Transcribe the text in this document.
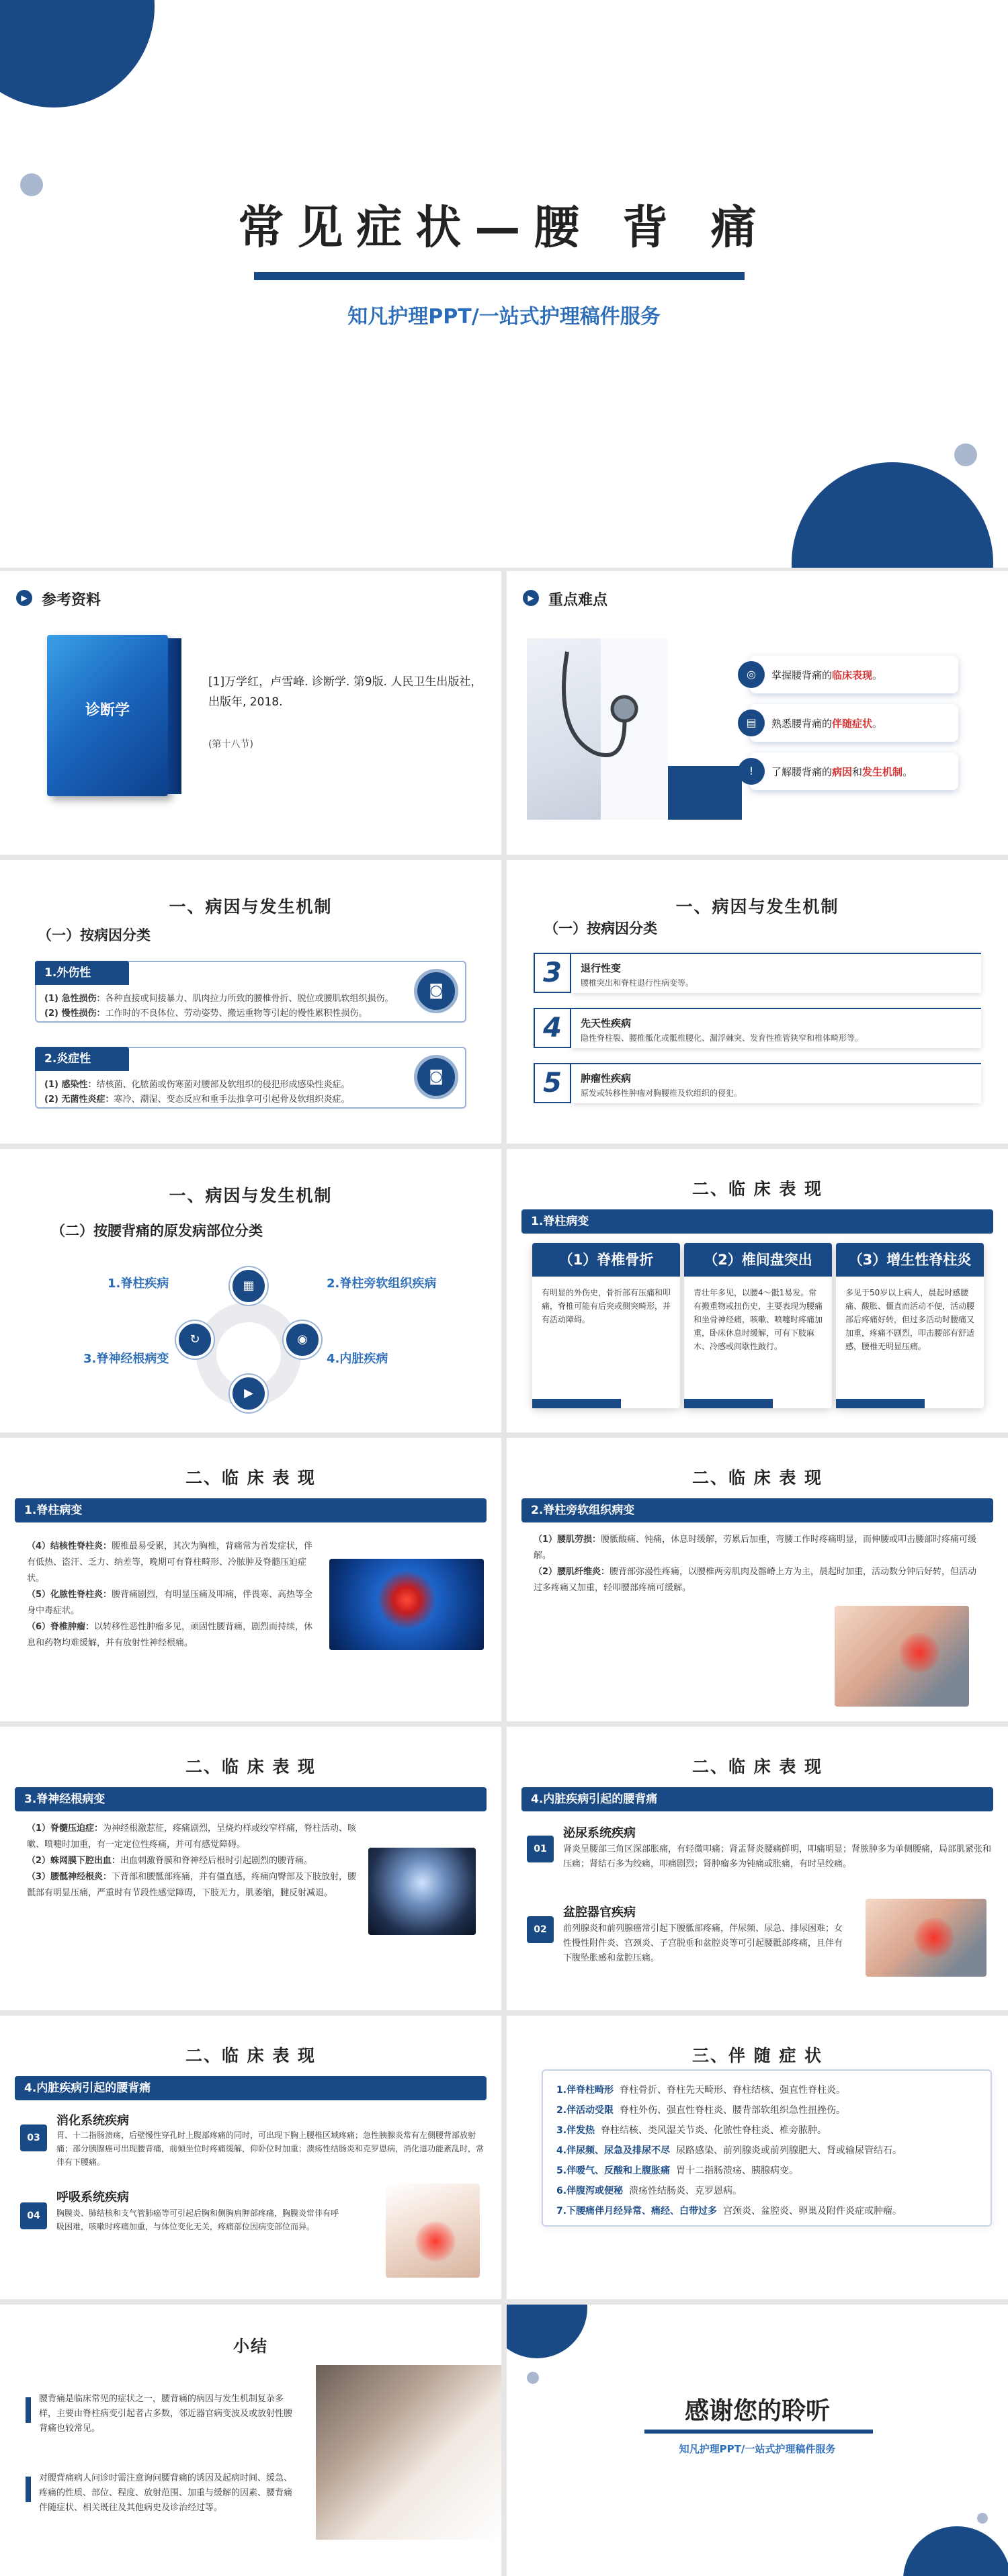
常见症状—腰 背 痛
知凡护理PPT/一站式护理稿件服务
▶ 参考资料
诊断学
[1]万学红，卢雪峰. 诊断学. 第9版. 人民卫生出版社，出版年, 2018.
(第十八节)
▶ 重点难点
◎	掌握腰背痛的临床表现。
▤	熟悉腰背痛的伴随症状。
!	了解腰背痛的病因和发生机制。
一、病因与发生机制
（一）按病因分类
1.外伤性
(1) 急性损伤：各种直接或间接暴力、肌肉拉力所致的腰椎骨折、脱位或腰肌软组织损伤。
(2) 慢性损伤：工作时的不良体位、劳动姿势、搬运重物等引起的慢性累积性损伤。
◙
2.炎症性
(1) 感染性：结核菌、化脓菌或伤寒菌对腰部及软组织的侵犯形成感染性炎症。
(2) 无菌性炎症：寒冷、潮湿、变态反应和重手法推拿可引起骨及软组织炎症。
◙
一、病因与发生机制
（一）按病因分类
3	退行性变
腰椎突出和脊柱退行性病变等。
4	先天性疾病
隐性脊柱裂、腰椎骶化或骶椎腰化、漏浮棘突、发育性椎管狭窄和椎体畸形等。
5	肿瘤性疾病
原发或转移性肿瘤对胸腰椎及软组织的侵犯。
一、病因与发生机制
（二）按腰背痛的原发病部位分类
▦
↻	◉
▶
1.脊柱疾病	2.脊柱旁软组织疾病
3.脊神经根病变	4.内脏疾病
二、临 床 表 现
1.脊柱病变
（1）脊椎骨折
有明显的外伤史，骨折部有压痛和叩痛，脊椎可能有后突或侧突畸形，并有活动障碍。
（2）椎间盘突出
青壮年多见，以腰4～骶1易发。常有搬重物或扭伤史，主要表现为腰痛和坐骨神经痛，咳嗽、喷嚏时疼痛加重，卧床休息时缓解，可有下肢麻木、冷感或间歇性跛行。
（3）增生性脊柱炎
多见于50岁以上病人，晨起时感腰痛、酸胀、僵直而活动不便，活动腰部后疼痛好转，但过多活动时腰痛又加重，疼痛不剧烈，叩击腰部有舒适感，腰椎无明显压痛。
二、临 床 表 现
1.脊柱病变
（4）结核性脊柱炎：腰椎最易受累，其次为胸椎，背痛常为首发症状，伴有低热、盗汗、乏力、纳差等，晚期可有脊柱畸形、冷脓肿及脊髓压迫症状。
（5）化脓性脊柱炎：腰背痛剧烈，有明显压痛及叩痛，伴畏寒、高热等全身中毒症状。
（6）脊椎肿瘤：以转移性恶性肿瘤多见，顽固性腰背痛，剧烈而持续，休息和药物均难缓解，并有放射性神经根痛。
二、临 床 表 现
2.脊柱旁软组织病变
（1）腰肌劳损：腰骶酸痛、钝痛，休息时缓解，劳累后加重，弯腰工作时疼痛明显，而伸腰或叩击腰部时疼痛可缓解。
（2）腰肌纤维炎：腰背部弥漫性疼痛，以腰椎两旁肌肉及髂嵴上方为主，晨起时加重，活动数分钟后好转，但活动过多疼痛又加重，轻叩腰部疼痛可缓解。
二、临 床 表 现
3.脊神经根病变
（1）脊髓压迫症：为神经根激惹征，疼痛剧烈，呈烧灼样或绞窄样痛，脊柱活动、咳嗽、喷嚏时加重，有一定定位性疼痛，并可有感觉障碍。
（2）蛛网膜下腔出血：出血刺激脊膜和脊神经后根时引起剧烈的腰背痛。
（3）腰骶神经根炎：下背部和腰骶部疼痛，并有僵直感，疼痛向臀部及下肢放射，腰骶部有明显压痛，严重时有节段性感觉障碍，下肢无力，肌萎缩，腱反射减退。
二、临 床 表 现
4.内脏疾病引起的腰背痛
01
泌尿系统疾病
肾炎呈腰部三角区深部胀痛，有轻微叩痛；肾盂肾炎腰痛鲜明，叩痛明显；肾脓肿多为单侧腰痛，局部肌紧张和压痛；肾结石多为绞痛，叩痛剧烈；肾肿瘤多为钝痛或胀痛，有时呈绞痛。
02
盆腔器官疾病
前列腺炎和前列腺癌常引起下腰骶部疼痛，伴尿频、尿急、排尿困难；女性慢性附件炎、宫颈炎、子宫脱垂和盆腔炎等可引起腰骶部疼痛，且伴有下腹坠胀感和盆腔压痛。
二、临 床 表 现
4.内脏疾病引起的腰背痛
03
消化系统疾病
胃、十二指肠溃疡，后壁慢性穿孔时上腹部疼痛的同时，可出现下胸上腰椎区域疼痛；急性胰腺炎常有左侧腰背部放射痛；部分胰腺癌可出现腰背痛，前倾坐位时疼痛缓解，仰卧位时加重；溃疡性结肠炎和克罗恩病，消化道功能紊乱时，常伴有下腰痛。
04
呼吸系统疾病
胸膜炎、肺结核和支气管肺癌等可引起后胸和侧胸肩胛部疼痛，胸膜炎常伴有呼吸困难，咳嗽时疼痛加重，与体位变化无关，疼痛部位因病变部位而异。
三、伴 随 症 状
1.伴脊柱畸形 脊柱骨折、脊柱先天畸形、脊柱结核、强直性脊柱炎。
2.伴活动受限 脊柱外伤、强直性脊柱炎、腰背部软组织急性扭挫伤。
3.伴发热 脊柱结核、类风湿关节炎、化脓性脊柱炎、椎旁脓肿。
4.伴尿频、尿急及排尿不尽 尿路感染、前列腺炎或前列腺肥大、肾或输尿管结石。
5.伴嗳气、反酸和上腹胀痛 胃十二指肠溃疡、胰腺病变。
6.伴腹泻或便秘 溃疡性结肠炎、克罗恩病。
7.下腰痛伴月经异常、痛经、白带过多 宫颈炎、盆腔炎、卵巢及附件炎症或肿瘤。
小结
腰背痛是临床常见的症状之一，腰背痛的病因与发生机制复杂多样，主要由脊柱病变引起者占多数，邻近器官病变波及或放射性腰背痛也较常见。
对腰背痛病人问诊时需注意询问腰背痛的诱因及起病时间、缓急、疼痛的性质、部位、程度、放射范围、加重与缓解的因素、腰背痛伴随症状、相关既往及其他病史及诊治经过等。
感谢您的聆听
知凡护理PPT/一站式护理稿件服务
